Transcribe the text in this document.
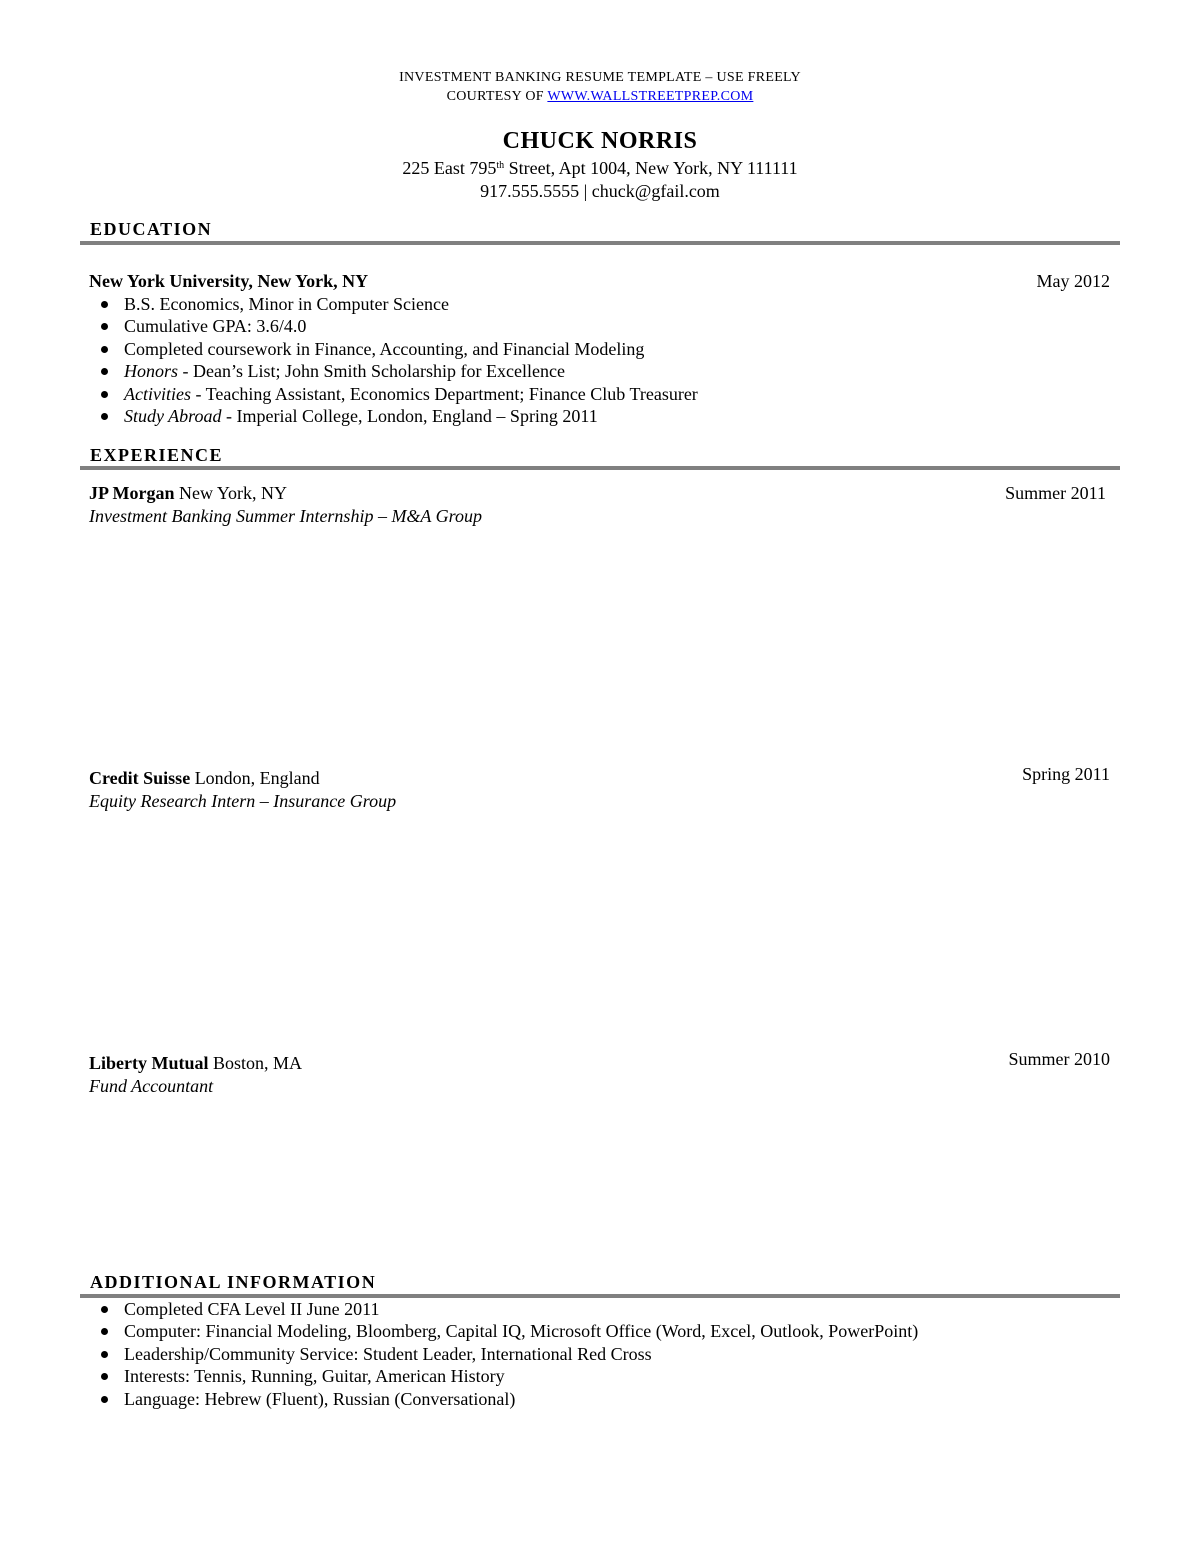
INVESTMENT BANKING RESUME TEMPLATE – USE FREELY
COURTESY OF WWW.WALLSTREETPREP.COM
CHUCK NORRIS
225 East 795th Street, Apt 1004, New York, NY 111111
917.555.5555 | chuck@gfail.com
EDUCATION
New York University, New York, NY	May 2012
B.S. Economics, Minor in Computer Science
Cumulative GPA: 3.6/4.0
Completed coursework in Finance, Accounting, and Financial Modeling
Honors - Dean’s List; John Smith Scholarship for Excellence
Activities - Teaching Assistant, Economics Department; Finance Club Treasurer
Study Abroad - Imperial College, London, England – Spring 2011
EXPERIENCE
JP Morgan New York, NY	Summer 2011
Investment Banking Summer Internship – M&A Group
Credit Suisse London, England	Spring 2011
Equity Research Intern – Insurance Group
Liberty Mutual Boston, MA	Summer 2010
Fund Accountant
ADDITIONAL INFORMATION
Completed CFA Level II June 2011
Computer: Financial Modeling, Bloomberg, Capital IQ, Microsoft Office (Word, Excel, Outlook, PowerPoint)
Leadership/Community Service: Student Leader, International Red Cross
Interests: Tennis, Running, Guitar, American History
Language: Hebrew (Fluent), Russian (Conversational)
